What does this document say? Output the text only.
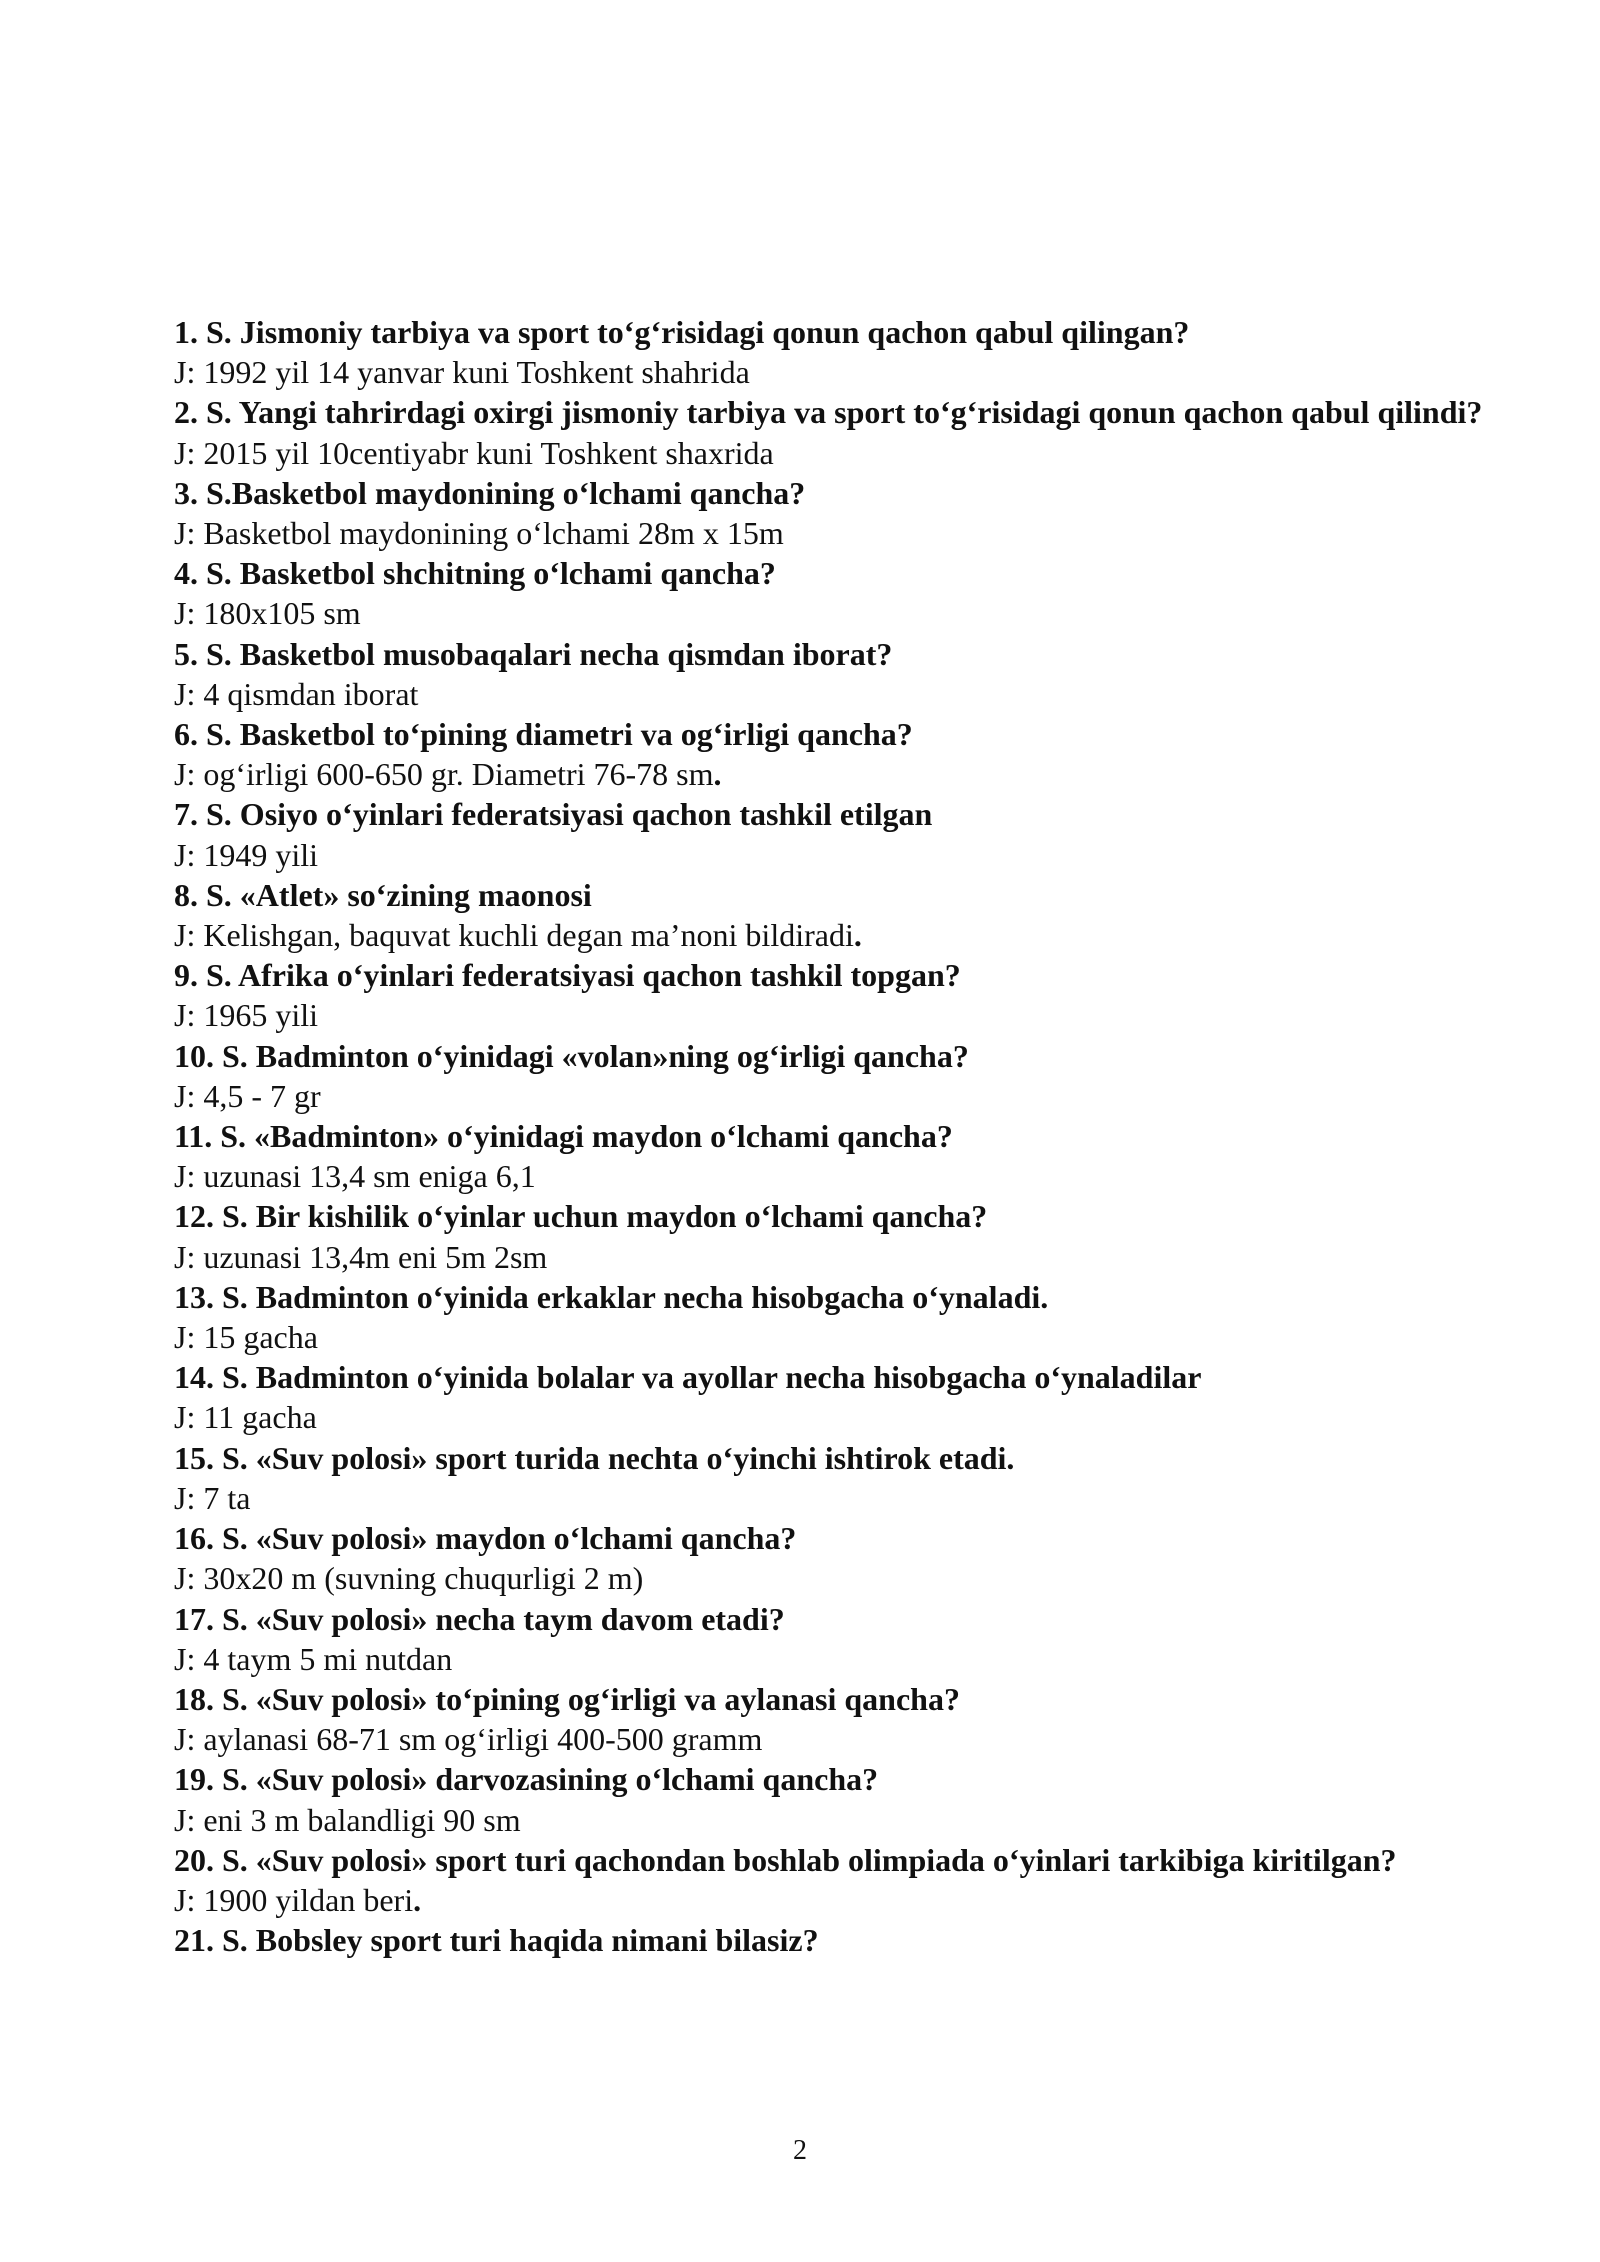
1. S. Jismoniy tarbiya va sport to‘g‘risidagi qonun qachon qabul qilingan?

J: 1992 yil 14 yanvar kuni Toshkent shahrida

2. S. Yangi tahrirdagi oxirgi jismoniy tarbiya va sport to‘g‘risidagi qonun qachon qabul qilindi?

J: 2015 yil 10centiyabr kuni Toshkent shaxrida

3. S.Basketbol maydonining o‘lchami qancha?

J: Basketbol maydonining o‘lchami 28m x 15m

4. S. Basketbol shchitning o‘lchami qancha?

J: 180x105 sm

5. S. Basketbol musobaqalari necha qismdan iborat?

J: 4 qismdan iborat

6. S. Basketbol to‘pining diametri va og‘irligi qancha?

J: og‘irligi 600-650 gr. Diametri 76-78 sm.

7. S. Osiyo o‘yinlari federatsiyasi qachon tashkil etilgan

J: 1949 yili

8. S. «Atlet» so‘zining maonosi

J: Kelishgan, baquvat kuchli degan ma’noni bildiradi.

9. S. Afrika o‘yinlari federatsiyasi qachon tashkil topgan?

J: 1965 yili

10. S. Badminton o‘yinidagi «volan»ning og‘irligi qancha?

J: 4,5 - 7 gr

11. S. «Badminton» o‘yinidagi maydon o‘lchami qancha?

J: uzunasi 13,4 sm eniga 6,1

12. S. Bir kishilik o‘yinlar uchun maydon o‘lchami qancha?

J: uzunasi 13,4m eni 5m 2sm

13. S. Badminton o‘yinida erkaklar necha hisobgacha o‘ynaladi.

J: 15 gacha

14. S. Badminton o‘yinida bolalar va ayollar necha hisobgacha o‘ynaladilar

J: 11 gacha

15. S. «Suv polosi» sport turida nechta o‘yinchi ishtirok etadi.

J: 7 ta

16. S. «Suv polosi» maydon o‘lchami qancha?

J: 30x20 m (suvning chuqurligi 2 m)

17. S. «Suv polosi» necha taym davom etadi?

J: 4 taym 5 mi nutdan

18. S. «Suv polosi» to‘pining og‘irligi va aylanasi qancha?

J: aylanasi 68-71 sm og‘irligi 400-500 gramm

19. S. «Suv polosi» darvozasining o‘lchami qancha?

J: eni 3 m balandligi 90 sm

20. S. «Suv polosi» sport turi qachondan boshlab olimpiada o‘yinlari tarkibiga kiritilgan?

J: 1900 yildan beri.

21. S. Bobsley sport turi haqida nimani bilasiz?

2
